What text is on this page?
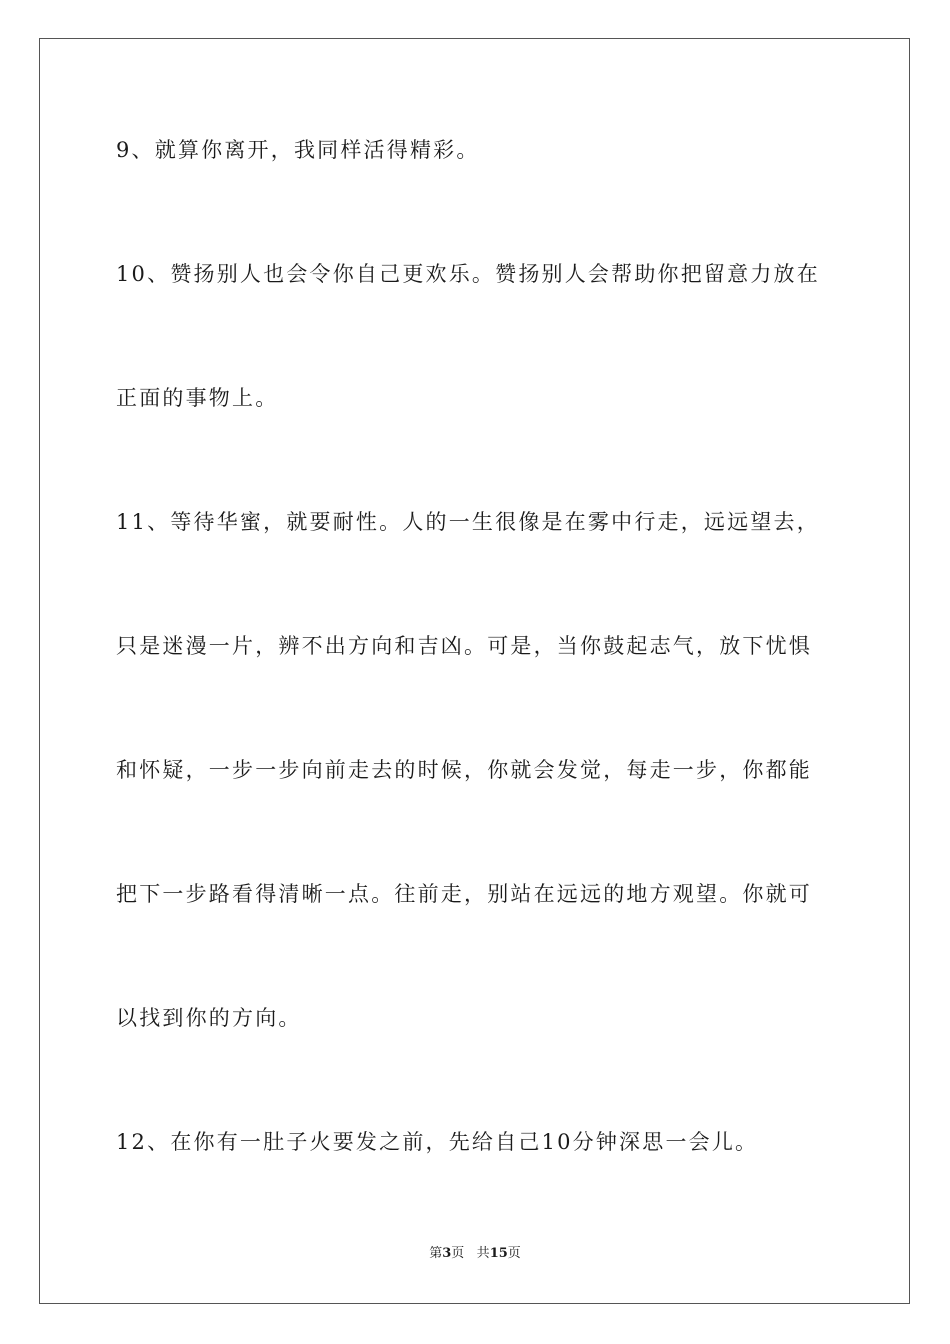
9、就算你离开，我同样活得精彩。
10、赞扬别人也会令你自己更欢乐。赞扬别人会帮助你把留意力放在
正面的事物上。
11、等待华蜜，就要耐性。人的一生很像是在雾中行走，远远望去，
只是迷漫一片，辨不出方向和吉凶。可是，当你鼓起志气，放下忧惧
和怀疑，一步一步向前走去的时候，你就会发觉，每走一步，你都能
把下一步路看得清晰一点。往前走，别站在远远的地方观望。你就可
以找到你的方向。
12、在你有一肚子火要发之前，先给自己10分钟深思一会儿。
第3页 共15页
